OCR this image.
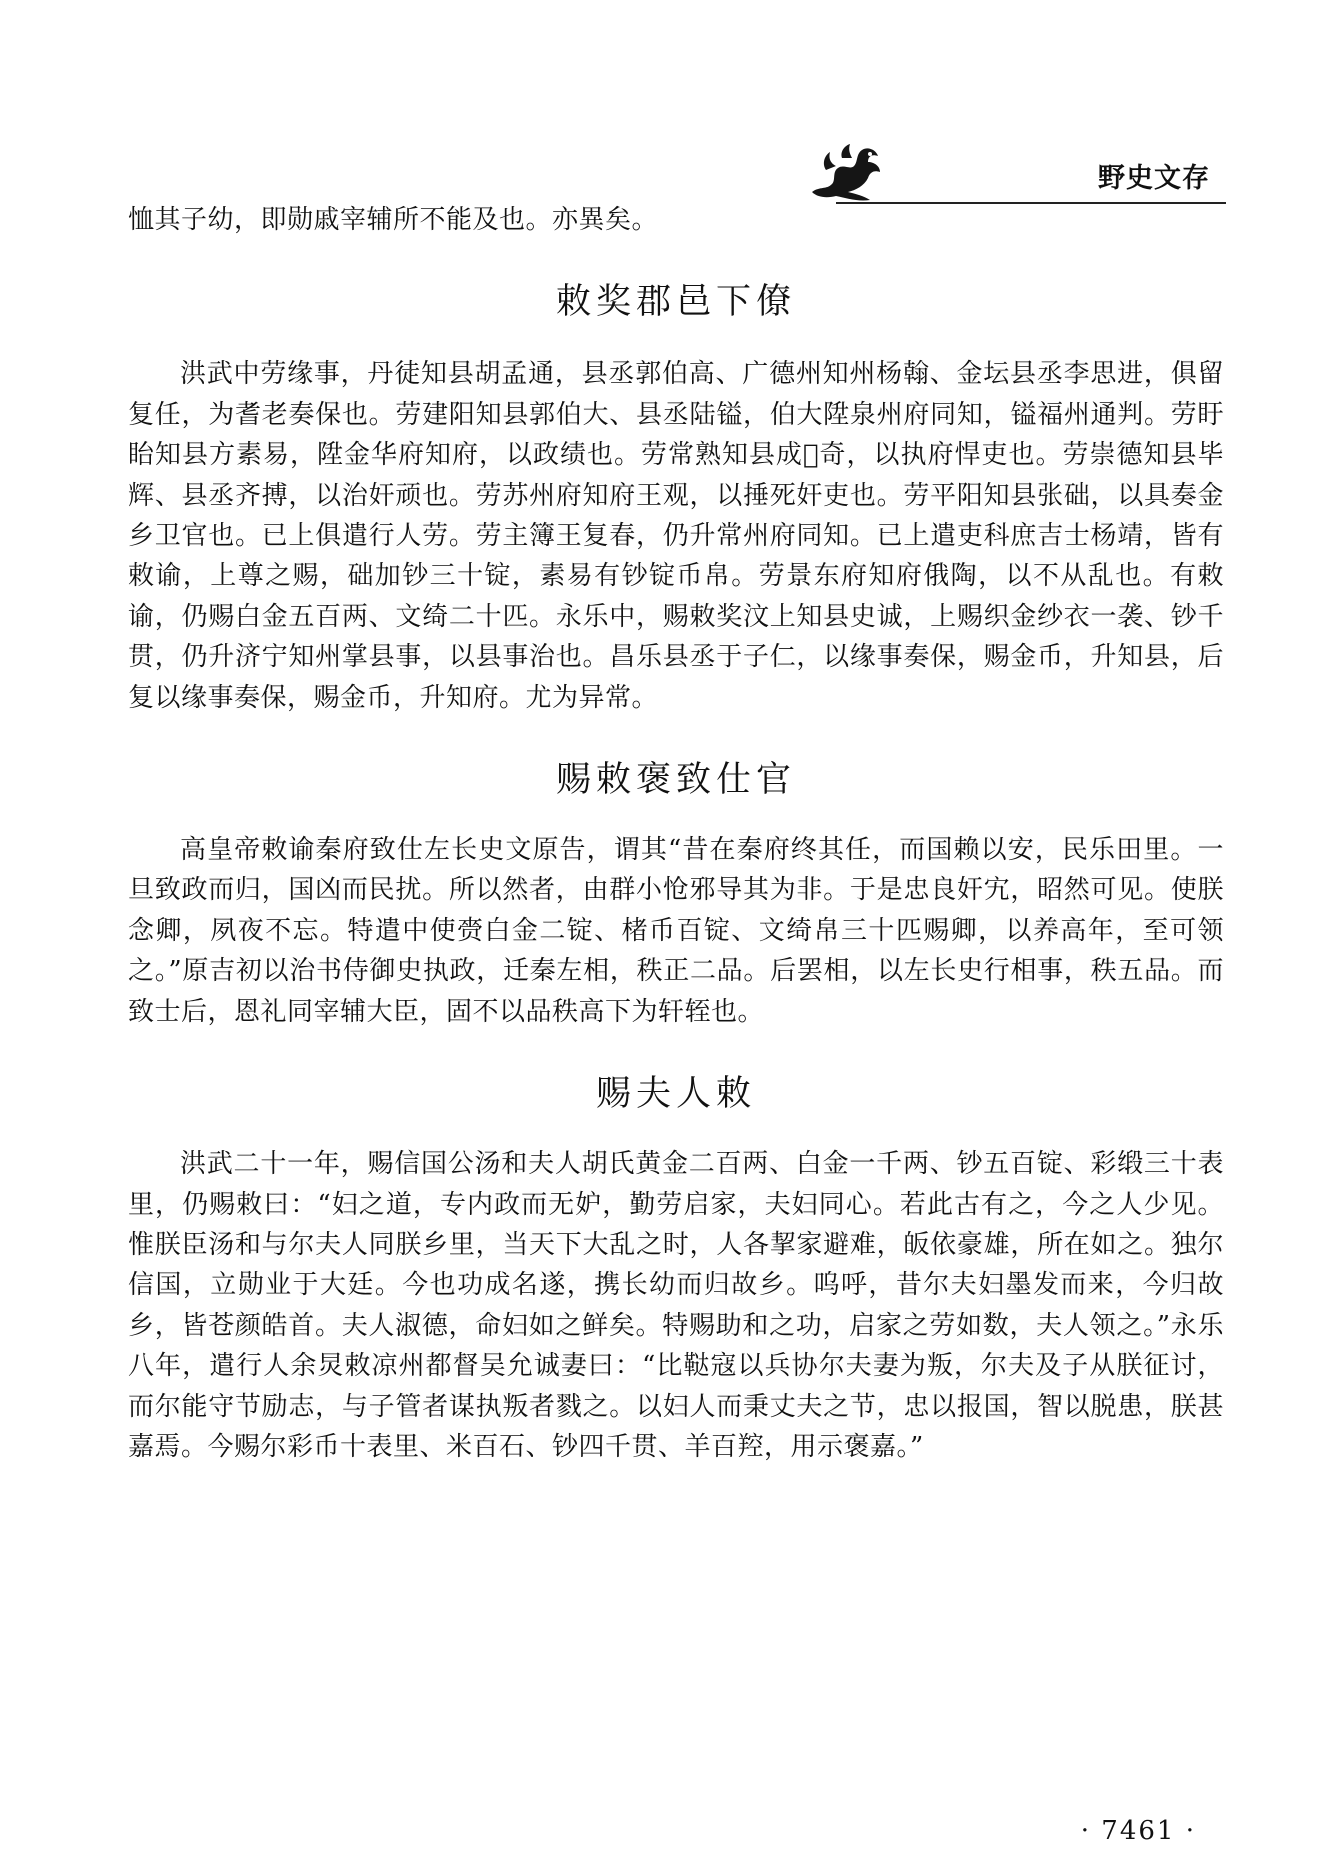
野史文存

恤其子幼，即勋戚宰辅所不能及也。亦異矣。

敕奖郡邑下僚

洪武中劳缘事，丹徒知县胡孟通，县丞郭伯高、广德州知州杨翰、金坛县丞李思进，俱留复任，为耆老奏保也。劳建阳知县郭伯大、县丞陆镒，伯大陞泉州府同知，镒福州通判。劳盱眙知县方素易，陞金华府知府，以政绩也。劳常熟知县成𧅴奇，以执府悍吏也。劳崇德知县毕辉、县丞齐搏，以治奸顽也。劳苏州府知府王观，以捶死奸吏也。劳平阳知县张础，以具奏金乡卫官也。已上俱遣行人劳。劳主簿王复春，仍升常州府同知。已上遣吏科庶吉士杨靖，皆有敕谕，上尊之赐，础加钞三十锭，素易有钞锭币帛。劳景东府知府俄陶，以不从乱也。有敕谕，仍赐白金五百两、文绮二十匹。永乐中，赐敕奖汶上知县史诚，上赐织金纱衣一袭、钞千贯，仍升济宁知州掌县事，以县事治也。昌乐县丞于子仁，以缘事奏保，赐金币，升知县，后复以缘事奏保，赐金币，升知府。尤为异常。

赐敕褒致仕官

高皇帝敕谕秦府致仕左长史文原告，谓其“昔在秦府终其任，而国赖以安，民乐田里。一旦致政而归，国凶而民扰。所以然者，由群小怆邪导其为非。于是忠良奸宄，昭然可见。使朕念卿，夙夜不忘。特遣中使赍白金二锭、楮币百锭、文绮帛三十匹赐卿，以养高年，至可领之。”原吉初以治书侍御史执政，迁秦左相，秩正二品。后罢相，以左长史行相事，秩五品。而致士后，恩礼同宰辅大臣，固不以品秩高下为轩轾也。

赐夫人敕

洪武二十一年，赐信国公汤和夫人胡氏黄金二百两、白金一千两、钞五百锭、彩缎三十表里，仍赐敕曰：“妇之道，专内政而无妒，勤劳启家，夫妇同心。若此古有之，今之人少见。惟朕臣汤和与尔夫人同朕乡里，当天下大乱之时，人各挈家避难，皈依豪雄，所在如之。独尔信国，立勋业于大廷。今也功成名遂，携长幼而归故乡。呜呼，昔尔夫妇墨发而来，今归故乡，皆苍颜皓首。夫人淑德，命妇如之鲜矣。特赐助和之功，启家之劳如数，夫人领之。”永乐八年，遣行人余炅敕凉州都督吴允诚妻曰：“比鞑寇以兵协尔夫妻为叛，尔夫及子从朕征讨，而尔能守节励志，与子管者谋执叛者戮之。以妇人而秉丈夫之节，忠以报国，智以脱患，朕甚嘉焉。今赐尔彩币十表里、米百石、钞四千贯、羊百羫，用示褒嘉。”

· 7461 ·
